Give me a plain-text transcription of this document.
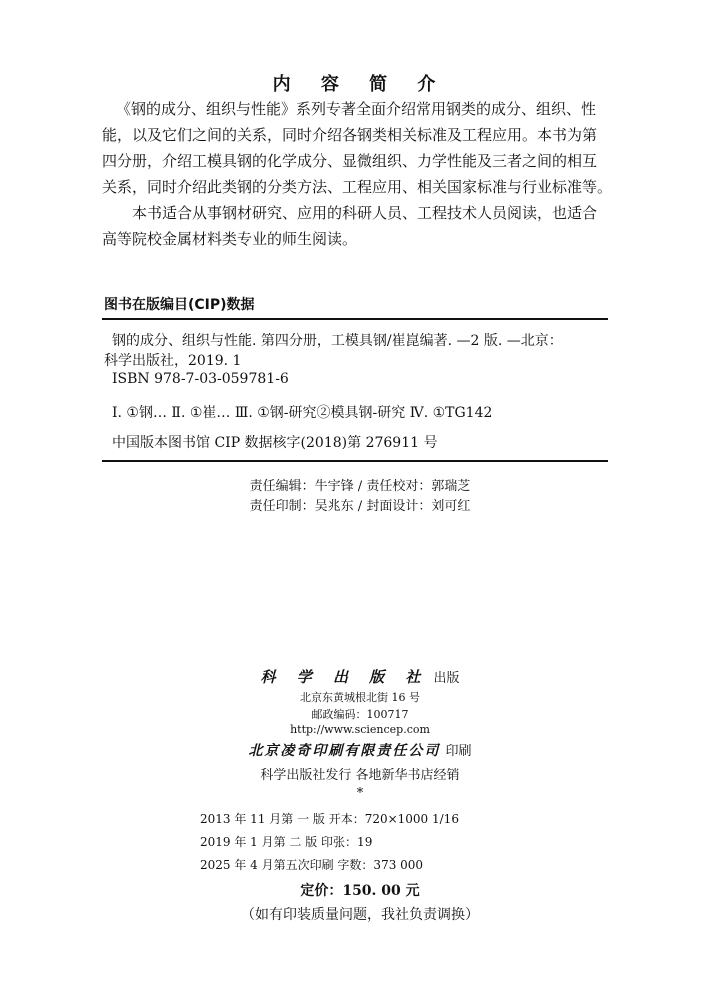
内 容 简 介
《钢的成分、组织与性能》系列专著全面介绍常用钢类的成分、组织、性
能，以及它们之间的关系，同时介绍各钢类相关标准及工程应用。本书为第
四分册，介绍工模具钢的化学成分、显微组织、力学性能及三者之间的相互
关系，同时介绍此类钢的分类方法、工程应用、相关国家标准与行业标准等。
本书适合从事钢材研究、应用的科研人员、工程技术人员阅读，也适合
高等院校金属材料类专业的师生阅读。
图书在版编目(CIP)数据
钢的成分、组织与性能. 第四分册，工模具钢/崔崑编著. —2 版. —北京：
科学出版社，2019. 1
ISBN 978-7-03-059781-6
Ⅰ. ①钢… Ⅱ. ①崔… Ⅲ. ①钢-研究②模具钢-研究 Ⅳ. ①TG142
中国版本图书馆 CIP 数据核字(2018)第 276911 号
责任编辑：牛宇锋 / 责任校对：郭瑞芝
责任印制：吴兆东 / 封面设计：刘可红
科 学 出 版 社 出版
北京东黄城根北街 16 号
邮政编码：100717
http://www.sciencep.com
北京凌奇印刷有限责任公司 印刷
科学出版社发行 各地新华书店经销
*
2013 年 11 月第 一 版 开本：720×1000 1/16
2019 年 1 月第 二 版 印张：19
2025 年 4 月第五次印刷 字数：373 000
定价：150. 00 元
（如有印装质量问题，我社负责调换）
